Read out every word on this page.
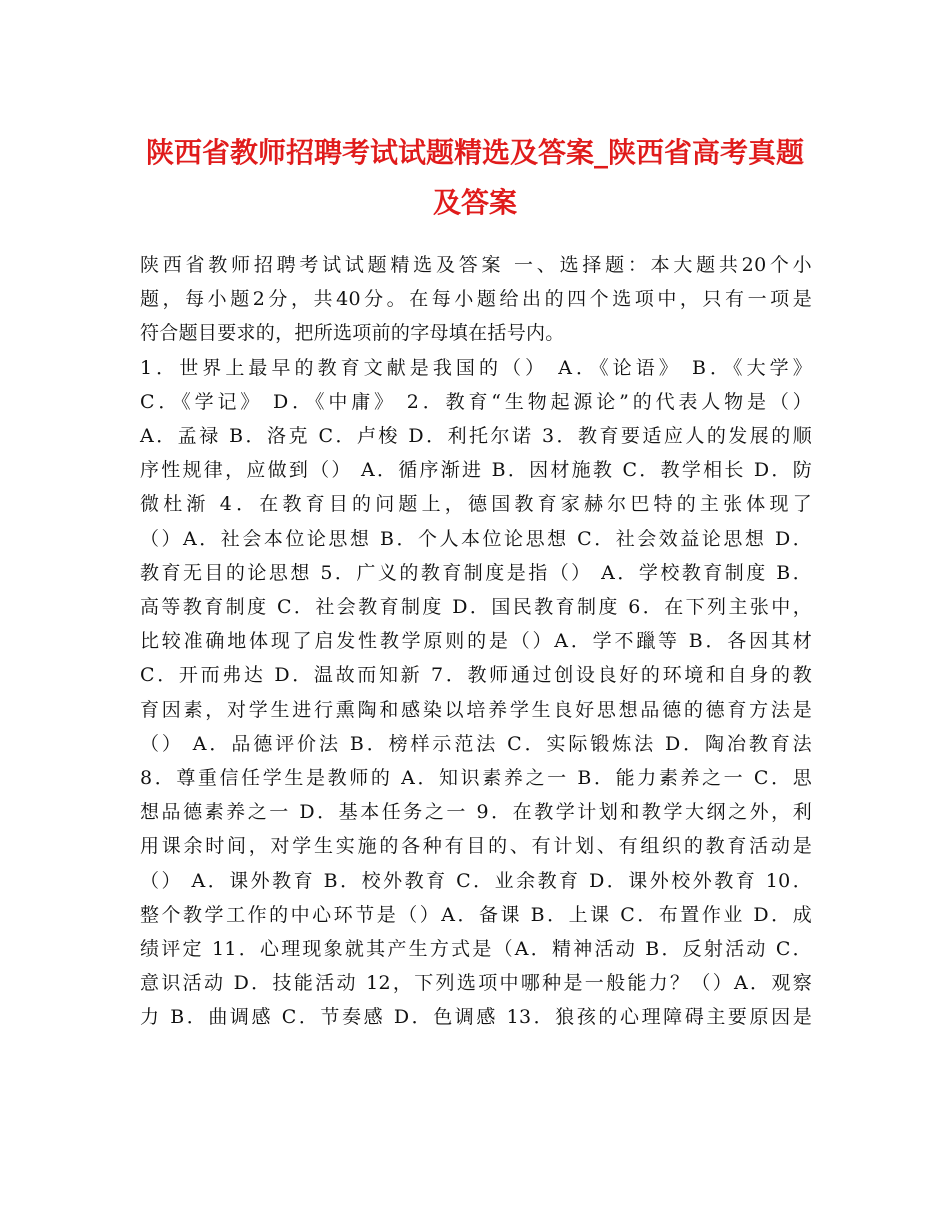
陕西省教师招聘考试试题精选及答案_陕西省高考真题
及答案
陕西省教师招聘考试试题精选及答案 一、选择题：本大题共20个小
题，每小题2分，共40分。在每小题给出的四个选项中，只有一项是
符合题目要求的，把所选项前的字母填在括号内。
1．世界上最早的教育文献是我国的（） A．《论语》 B．《大学》
C．《学记》 D．《中庸》 2．教育“生物起源论”的代表人物是（）
A．孟禄 B．洛克 C．卢梭 D．利托尔诺 3．教育要适应人的发展的顺
序性规律，应做到（） A．循序渐进 B．因材施教 C．教学相长 D．防
微杜渐 4．在教育目的问题上，德国教育家赫尔巴特的主张体现了
（）A．社会本位论思想 B．个人本位论思想 C．社会效益论思想 D．
教育无目的论思想 5．广义的教育制度是指（） A．学校教育制度 B．
高等教育制度 C．社会教育制度 D．国民教育制度 6．在下列主张中，
比较准确地体现了启发性教学原则的是（）A．学不躐等 B．各因其材
C．开而弗达 D．温故而知新 7．教师通过创设良好的环境和自身的教
育因素，对学生进行熏陶和感染以培养学生良好思想品德的德育方法是
（） A．品德评价法 B．榜样示范法 C．实际锻炼法 D．陶冶教育法
8．尊重信任学生是教师的 A．知识素养之一 B．能力素养之一 C．思
想品德素养之一 D．基本任务之一 9．在教学计划和教学大纲之外，利
用课余时间，对学生实施的各种有目的、有计划、有组织的教育活动是
（） A．课外教育 B．校外教育 C．业余教育 D．课外校外教育 10．
整个教学工作的中心环节是（）A．备课 B．上课 C．布置作业 D．成
绩评定 11．心理现象就其产生方式是（A．精神活动 B．反射活动 C．
意识活动 D．技能活动 12，下列选项中哪种是一般能力？（）A．观察
力 B．曲调感 C．节奏感 D．色调感 13．狼孩的心理障碍主要原因是
